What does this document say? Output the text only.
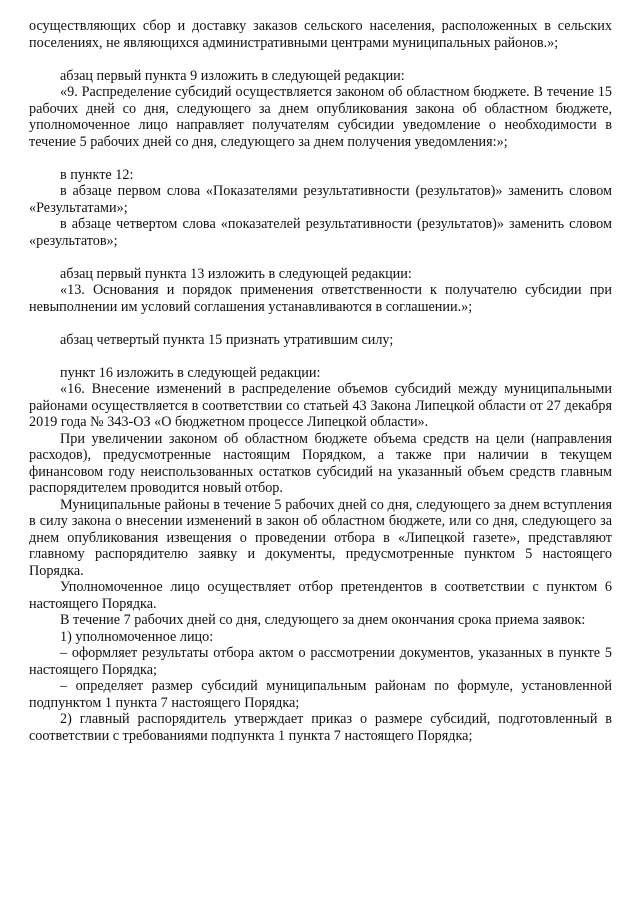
осуществляющих сбор и доставку заказов сельского населения, расположенных в сельских поселениях, не являющихся административными центрами муниципальных районов.»;

абзац первый пункта 9 изложить в следующей редакции:

«9. Распределение субсидий осуществляется законом об областном бюджете. В течение 15 рабочих дней со дня, следующего за днем опубликования закона об областном бюджете, уполномоченное лицо направляет получателям субсидии уведомление о необходимости в течение 5 рабочих дней со дня, следующего за днем получения уведомления:»;

в пункте 12:

в абзаце первом слова «Показателями результативности (результатов)» заменить словом «Результатами»;

в абзаце четвертом слова «показателей результативности (результатов)» заменить словом «результатов»;

абзац первый пункта 13 изложить в следующей редакции:

«13. Основания и порядок применения ответственности к получателю субсидии при невыполнении им условий соглашения устанавливаются в соглашении.»;

абзац четвертый пункта 15 признать утратившим силу;

пункт 16 изложить в следующей редакции:

«16. Внесение изменений в распределение объемов субсидий между муниципальными районами осуществляется в соответствии со статьей 43 Закона Липецкой области от 27 декабря 2019 года № 343-ОЗ «О бюджетном процессе Липецкой области».

При увеличении законом об областном бюджете объема средств на цели (направления расходов), предусмотренные настоящим Порядком, а также при наличии в текущем финансовом году неиспользованных остатков субсидий на указанный объем средств главным распорядителем проводится новый отбор.

Муниципальные районы в течение 5 рабочих дней со дня, следующего за днем вступления в силу закона о внесении изменений в закон об областном бюджете, или со дня, следующего за днем опубликования извещения о проведении отбора в «Липецкой газете», представляют главному распорядителю заявку и документы, предусмотренные пунктом 5 настоящего Порядка.

Уполномоченное лицо осуществляет отбор претендентов в соответствии с пунктом 6 настоящего Порядка.

В течение 7 рабочих дней со дня, следующего за днем окончания срока приема заявок:

1) уполномоченное лицо:

– оформляет результаты отбора актом о рассмотрении документов, указанных в пункте 5 настоящего Порядка;

– определяет размер субсидий муниципальным районам по формуле, установленной подпунктом 1 пункта 7 настоящего Порядка;

2) главный распорядитель утверждает приказ о размере субсидий, подготовленный в соответствии с требованиями подпункта 1 пункта 7 настоящего Порядка;
